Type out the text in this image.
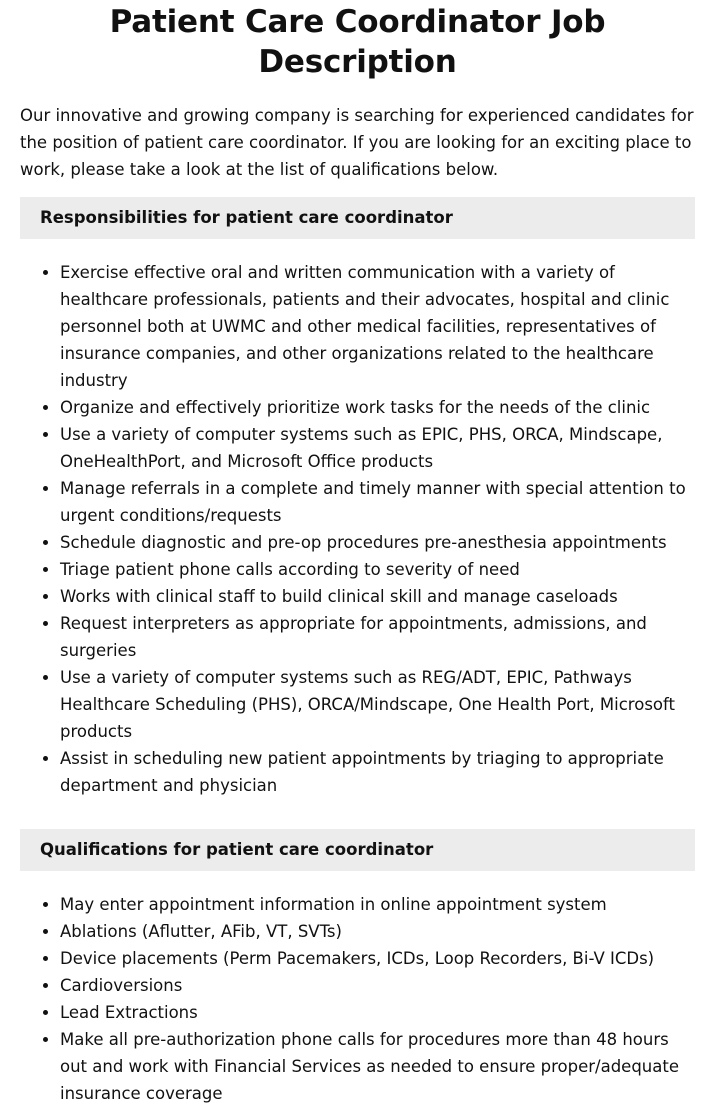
Patient Care Coordinator Job Description

Our innovative and growing company is searching for experienced candidates for the position of patient care coordinator. If you are looking for an exciting place to work, please take a look at the list of qualifications below.

Responsibilities for patient care coordinator
• Exercise effective oral and written communication with a variety of healthcare professionals, patients and their advocates, hospital and clinic personnel both at UWMC and other medical facilities, representatives of insurance companies, and other organizations related to the healthcare industry
• Organize and effectively prioritize work tasks for the needs of the clinic
• Use a variety of computer systems such as EPIC, PHS, ORCA, Mindscape, OneHealthPort, and Microsoft Office products
• Manage referrals in a complete and timely manner with special attention to urgent conditions/requests
• Schedule diagnostic and pre-op procedures pre-anesthesia appointments
• Triage patient phone calls according to severity of need
• Works with clinical staff to build clinical skill and manage caseloads
• Request interpreters as appropriate for appointments, admissions, and surgeries
• Use a variety of computer systems such as REG/ADT, EPIC, Pathways Healthcare Scheduling (PHS), ORCA/Mindscape, One Health Port, Microsoft products
• Assist in scheduling new patient appointments by triaging to appropriate department and physician
Qualifications for patient care coordinator
• May enter appointment information in online appointment system
• Ablations (Aflutter, AFib, VT, SVTs)
• Device placements (Perm Pacemakers, ICDs, Loop Recorders, Bi-V ICDs)
• Cardioversions
• Lead Extractions
• Make all pre-authorization phone calls for procedures more than 48 hours out and work with Financial Services as needed to ensure proper/adequate insurance coverage
